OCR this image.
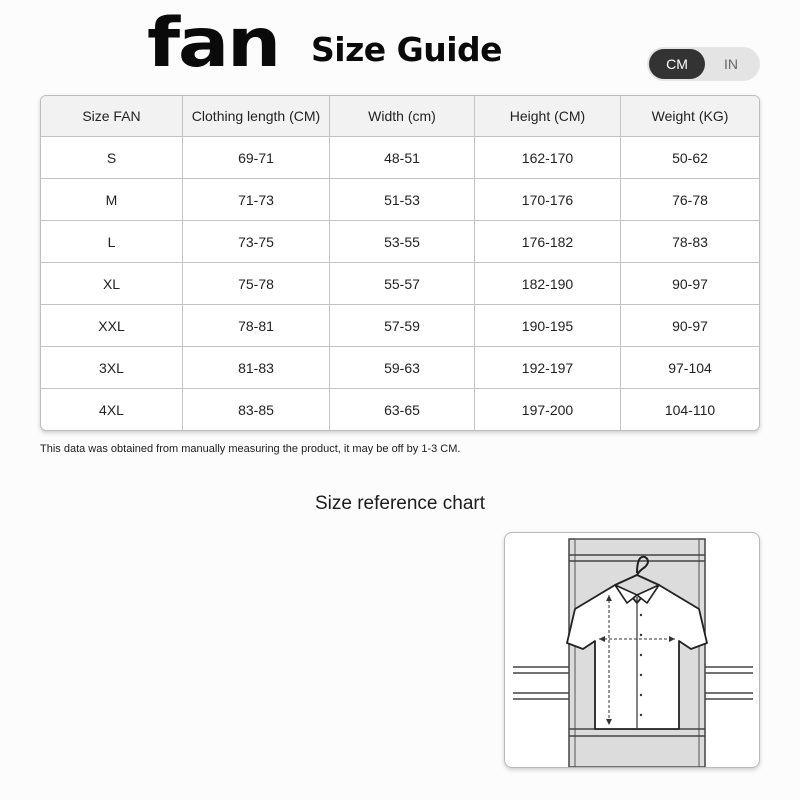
fan Size Guide	CM	IN
Size FAN	Clothing length (CM)	Width (cm)	Height (CM)	Weight (KG)
S	69-71	48-51	162-170	50-62
M	71-73	51-53	170-176	76-78
L	73-75	53-55	176-182	78-83
XL	75-78	55-57	182-190	90-97
XXL	78-81	57-59	190-195	90-97
3XL	81-83	59-63	192-197	97-104
4XL	83-85	63-65	197-200	104-110
This data was obtained from manually measuring the product, it may be off by 1-3 CM.
Size reference chart
